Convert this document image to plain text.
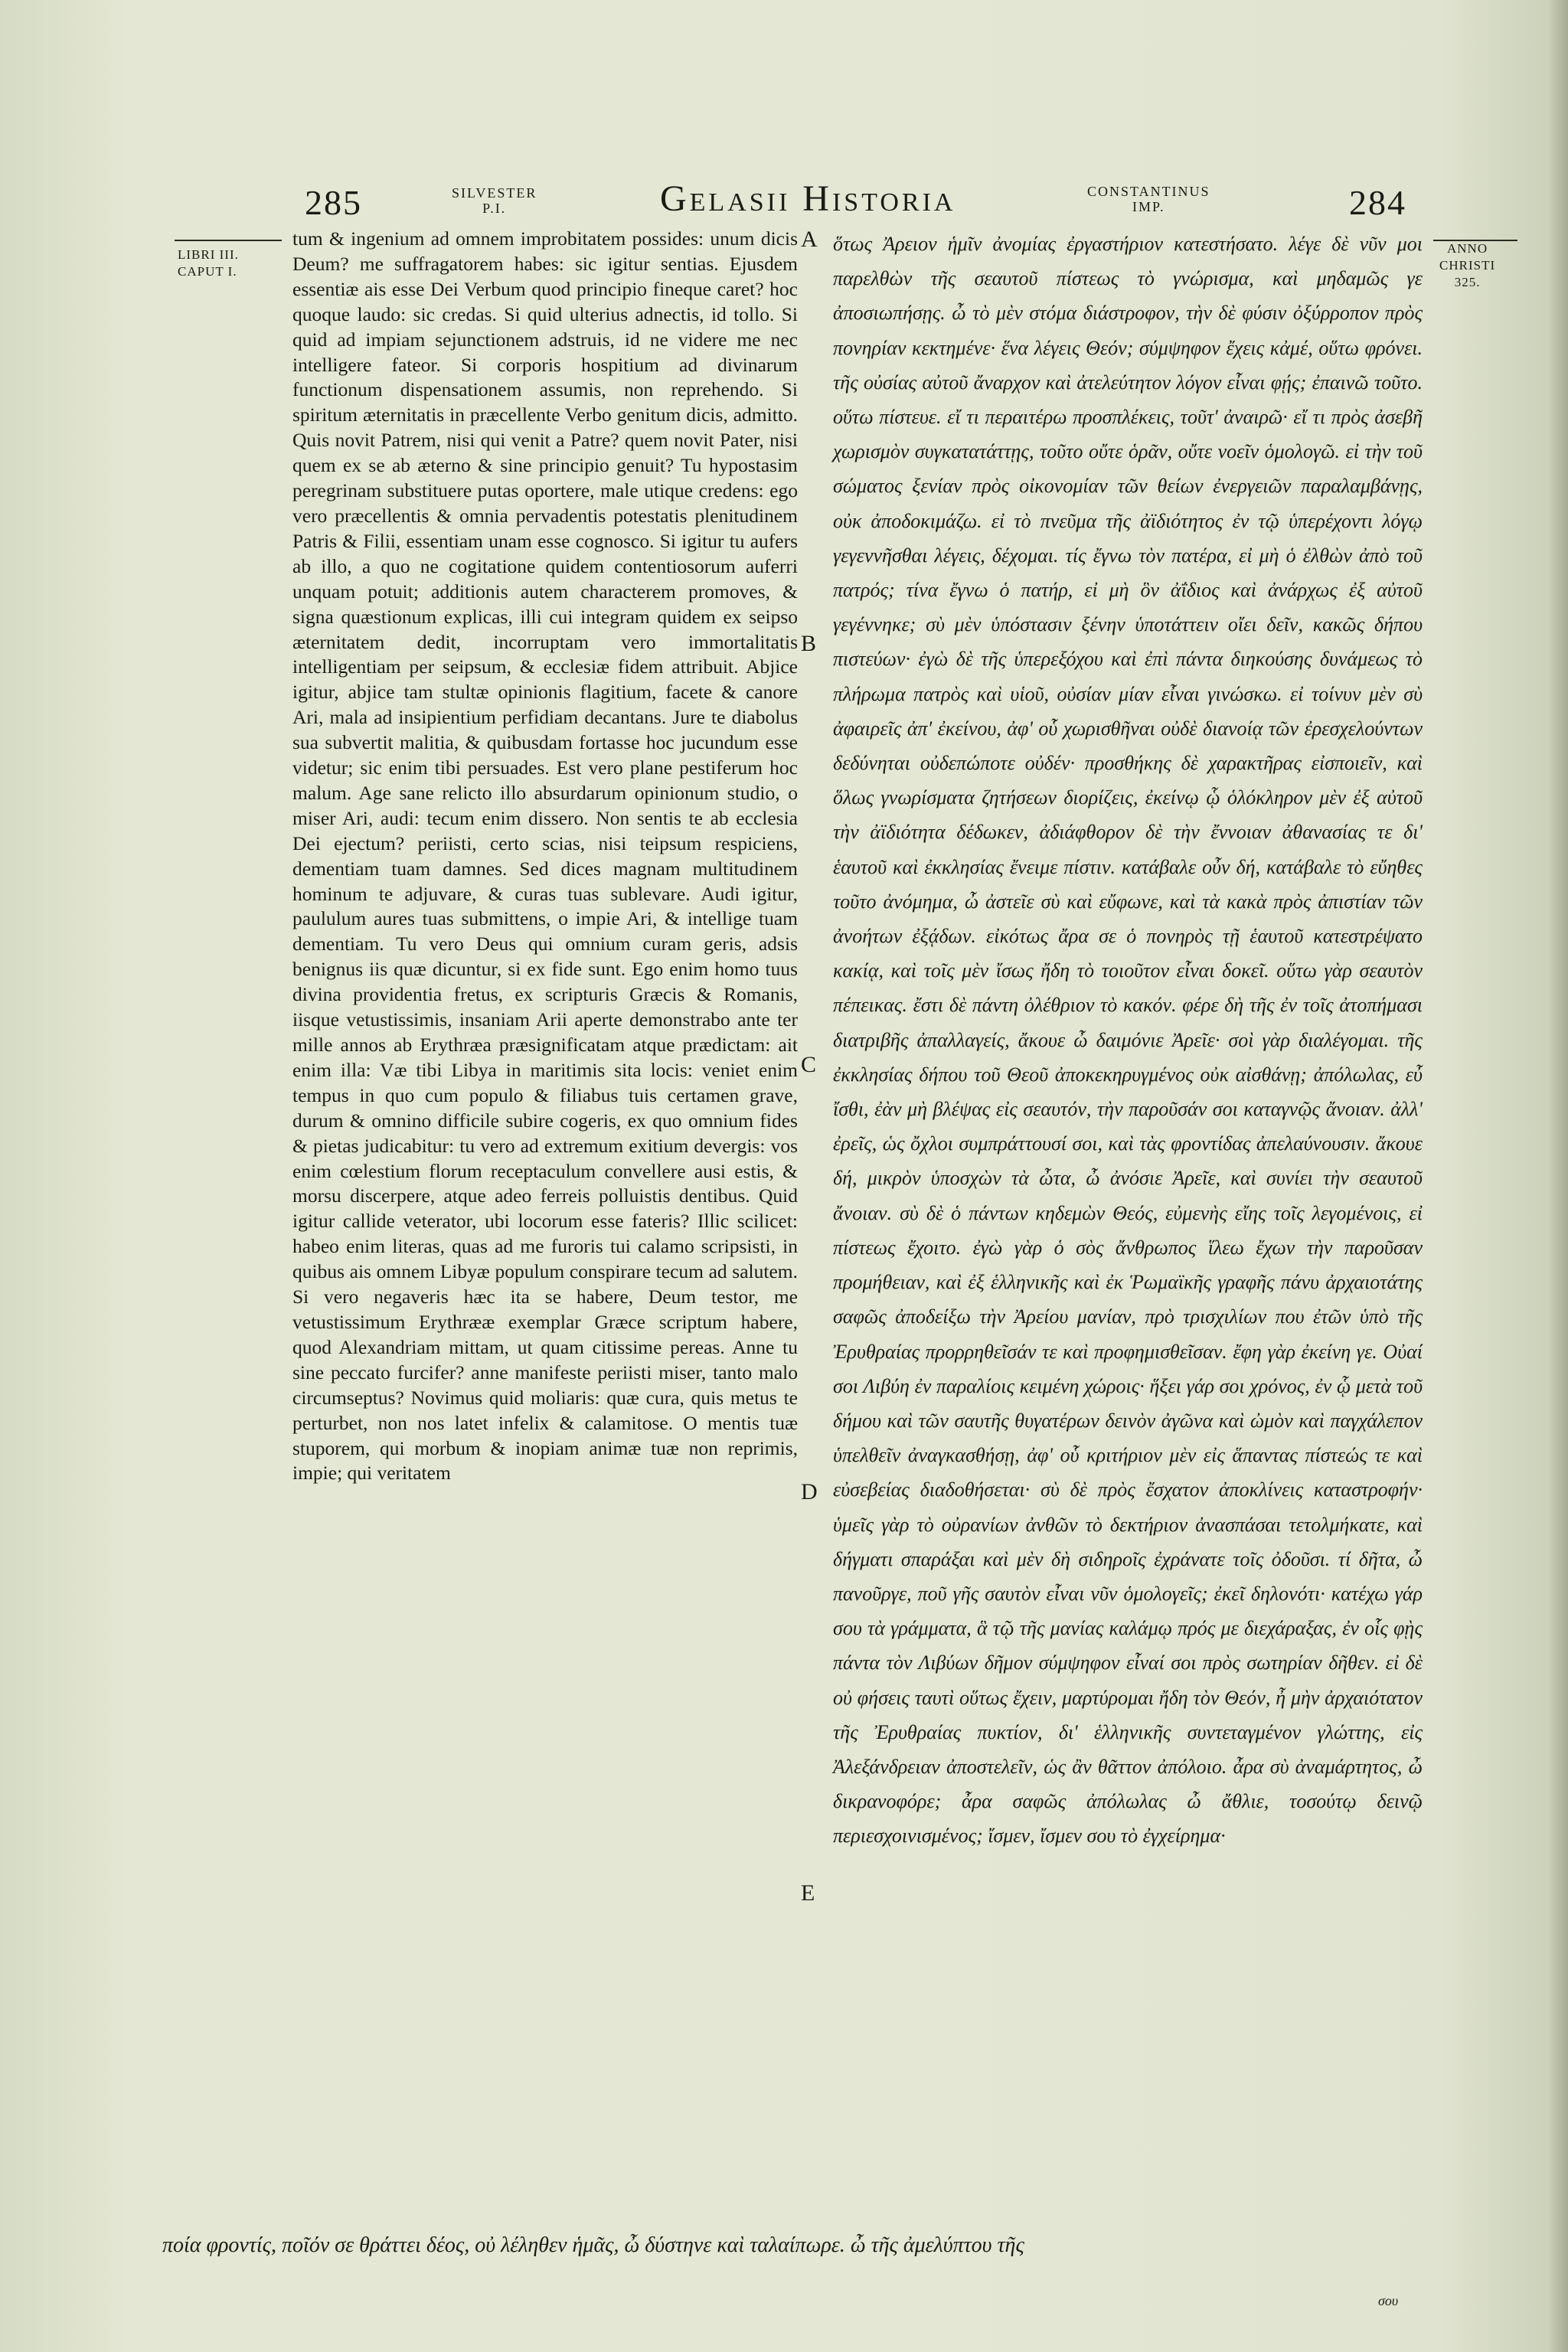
285	SILVESTER
P.I.	Gelasii Historia	CONSTANTINUS
IMP.	284
LIBRI III.
CAPUT I.
ANNO
CHRISTI
325.

tum & ingenium ad omnem improbitatem possides: unum dicis Deum? me suffragatorem habes: sic igitur sentias. Ejusdem essentiæ ais esse Dei Verbum quod principio fineque caret? hoc quoque laudo: sic credas. Si quid ulterius adnectis, id tollo. Si quid ad impiam sejunctionem adstruis, id ne videre me nec intelligere fateor. Si corporis hospitium ad divinarum functionum dispensationem assumis, non reprehendo. Si spiritum æternitatis in præcellente Verbo genitum dicis, admitto. Quis novit Patrem, nisi qui venit a Patre? quem novit Pater, nisi quem ex se ab æterno & sine principio genuit? Tu hypostasim peregrinam substituere putas oportere, male utique credens: ego vero præcellentis & omnia pervadentis potestatis plenitudinem Patris & Filii, essentiam unam esse cognosco. Si igitur tu aufers ab illo, a quo ne cogitatione quidem contentiosorum auferri unquam potuit; additionis autem characterem promoves, & signa quæstionum explicas, illi cui integram quidem ex seipso æternitatem dedit, incorruptam vero immortalitatis intelligentiam per seipsum, & ecclesiæ fidem attribuit. Abjice igitur, abjice tam stultæ opinionis flagitium, facete & canore Ari, mala ad insipientium perfidiam decantans. Jure te diabolus sua subvertit malitia, & quibusdam fortasse hoc jucundum esse videtur; sic enim tibi persuades. Est vero plane pestiferum hoc malum. Age sane relicto illo absurdarum opinionum studio, o miser Ari, audi: tecum enim dissero. Non sentis te ab ecclesia Dei ejectum? periisti, certo scias, nisi teipsum respiciens, dementiam tuam damnes. Sed dices magnam multitudinem hominum te adjuvare, & curas tuas sublevare. Audi igitur, paululum aures tuas submittens, o impie Ari, & intellige tuam dementiam. Tu vero Deus qui omnium curam geris, adsis benignus iis quæ dicuntur, si ex fide sunt. Ego enim homo tuus divina providentia fretus, ex scripturis Græcis & Romanis, iisque vetustissimis, insaniam Arii aperte demonstrabo ante ter mille annos ab Erythræa præsignificatam atque prædictam: ait enim illa: Væ tibi Libya in maritimis sita locis: veniet enim tempus in quo cum populo & filiabus tuis certamen grave, durum & omnino difficile subire cogeris, ex quo omnium fides & pietas judicabitur: tu vero ad extremum exitium devergis: vos enim cœlestium florum receptaculum convellere ausi estis, & morsu discerpere, atque adeo ferreis polluistis dentibus. Quid igitur callide veterator, ubi locorum esse fateris? Illic scilicet: habeo enim literas, quas ad me furoris tui calamo scripsisti, in quibus ais omnem Libyæ populum conspirare tecum ad salutem. Si vero negaveris hæc ita se habere, Deum testor, me vetustissimum Erythrææ exemplar Græce scriptum habere, quod Alexandriam mittam, ut quam citissime pereas. Anne tu sine peccato furcifer? anne manifeste periisti miser, tanto malo circumseptus? Novimus quid moliaris: quæ cura, quis metus te perturbet, non nos latet infelix & calamitose. O mentis tuæ stuporem, qui morbum & inopiam animæ tuæ non reprimis, impie; qui veritatem

A
B
C
D
E

ὅτως Ἀρειον ἡμῖν ἀνομίας ἐργαστήριον κατεστήσατο. λέγε δὲ νῦν μοι παρελθὼν τῆς σεαυτοῦ πίστεως τὸ γνώρισμα, καὶ μηδαμῶς γε ἀποσιωπήσῃς. ὦ τὸ μὲν στόμα διάστροφον, τὴν δὲ φύσιν ὀξύρροπον πρὸς πονηρίαν κεκτημένε· ἕνα λέγεις Θεόν; σύμψηφον ἔχεις κἀμέ, οὕτω φρόνει. τῆς οὐσίας αὐτοῦ ἄναρχον καὶ ἀτελεύτητον λόγον εἶναι φῄς; ἐπαινῶ τοῦτο. οὕτω πίστευε. εἴ τι περαιτέρω προσπλέκεις, τοῦτ' ἀναιρῶ· εἴ τι πρὸς ἀσεβῆ χωρισμὸν συγκατατάττῃς, τοῦτο οὔτε ὁρᾶν, οὔτε νοεῖν ὁμολογῶ. εἰ τὴν τοῦ σώματος ξενίαν πρὸς οἰκονομίαν τῶν θείων ἐνεργειῶν παραλαμβάνῃς, οὐκ ἀποδοκιμάζω. εἰ τὸ πνεῦμα τῆς ἀϊδιότητος ἐν τῷ ὑπερέχοντι λόγῳ γεγεννῆσθαι λέγεις, δέχομαι. τίς ἔγνω τὸν πατέρα, εἰ μὴ ὁ ἐλθὼν ἀπὸ τοῦ πατρός; τίνα ἔγνω ὁ πατήρ, εἰ μὴ ὃν ἀΐδιος καὶ ἀνάρχως ἐξ αὐτοῦ γεγέννηκε; σὺ μὲν ὑπόστασιν ξένην ὑποτάττειν οἴει δεῖν, κακῶς δήπου πιστεύων· ἐγὼ δὲ τῆς ὑπερεξόχου καὶ ἐπὶ πάντα διηκούσης δυνάμεως τὸ πλήρωμα πατρὸς καὶ υἱοῦ, οὐσίαν μίαν εἶναι γινώσκω. εἰ τοίνυν μὲν σὺ ἀφαιρεῖς ἀπ' ἐκείνου, ἀφ' οὗ χωρισθῆναι οὐδὲ διανοίᾳ τῶν ἐρεσχελούντων δεδύνηται οὐδεπώποτε οὐδέν· προσθήκης δὲ χαρακτῆρας εἰσποιεῖν, καὶ ὅλως γνωρίσματα ζητήσεων διορίζεις, ἐκείνῳ ᾧ ὁλόκληρον μὲν ἐξ αὐτοῦ τὴν ἀϊδιότητα δέδωκεν, ἀδιάφθορον δὲ τὴν ἔννοιαν ἀθανασίας τε δι' ἑαυτοῦ καὶ ἐκκλησίας ἔνειμε πίστιν. κατάβαλε οὖν δή, κατάβαλε τὸ εὔηθες τοῦτο ἀνόμημα, ὦ ἀστεῖε σὺ καὶ εὔφωνε, καὶ τὰ κακὰ πρὸς ἀπιστίαν τῶν ἀνοήτων ἐξᾴδων. εἰκότως ἄρα σε ὁ πονηρὸς τῇ ἑαυτοῦ κατεστρέψατο κακίᾳ, καὶ τοῖς μὲν ἴσως ἤδη τὸ τοιοῦτον εἶναι δοκεῖ. οὕτω γὰρ σεαυτὸν πέπεικας. ἔστι δὲ πάντη ὀλέθριον τὸ κακόν. φέρε δὴ τῆς ἐν τοῖς ἀτοπήμασι διατριβῆς ἀπαλλαγείς, ἄκουε ὦ δαιμόνιε Ἀρεῖε· σοὶ γὰρ διαλέγομαι. τῆς ἐκκλησίας δήπου τοῦ Θεοῦ ἀποκεκηρυγμένος οὐκ αἰσθάνῃ; ἀπόλωλας, εὖ ἴσθι, ἐὰν μὴ βλέψας εἰς σεαυτόν, τὴν παροῦσάν σοι καταγνῷς ἄνοιαν. ἀλλ' ἐρεῖς, ὡς ὄχλοι συμπράττουσί σοι, καὶ τὰς φροντίδας ἀπελαύνουσιν. ἄκουε δή, μικρὸν ὑποσχὼν τὰ ὦτα, ὦ ἀνόσιε Ἀρεῖε, καὶ συνίει τὴν σεαυτοῦ ἄνοιαν. σὺ δὲ ὁ πάντων κηδεμὼν Θεός, εὐμενὴς εἴης τοῖς λεγομένοις, εἰ πίστεως ἔχοιτο. ἐγὼ γὰρ ὁ σὸς ἄνθρωπος ἵλεω ἔχων τὴν παροῦσαν προμήθειαν, καὶ ἐξ ἑλληνικῆς καὶ ἐκ Ῥωμαϊκῆς γραφῆς πάνυ ἀρχαιοτάτης σαφῶς ἀποδείξω τὴν Ἀρείου μανίαν, πρὸ τρισχιλίων που ἐτῶν ὑπὸ τῆς Ἐρυθραίας προρρηθεῖσάν τε καὶ προφημισθεῖσαν. ἔφη γὰρ ἐκείνη γε. Οὐαί σοι Λιβύη ἐν παραλίοις κειμένη χώροις· ἥξει γάρ σοι χρόνος, ἐν ᾧ μετὰ τοῦ δήμου καὶ τῶν σαυτῆς θυγατέρων δεινὸν ἀγῶνα καὶ ὠμὸν καὶ παγχάλεπον ὑπελθεῖν ἀναγκασθήσῃ, ἀφ' οὗ κριτήριον μὲν εἰς ἅπαντας πίστεώς τε καὶ εὐσεβείας διαδοθήσεται· σὺ δὲ πρὸς ἔσχατον ἀποκλίνεις καταστροφήν· ὑμεῖς γὰρ τὸ οὐρανίων ἀνθῶν τὸ δεκτήριον ἀνασπάσαι τετολμήκατε, καὶ δήγματι σπαράξαι καὶ μὲν δὴ σιδηροῖς ἐχράνατε τοῖς ὀδοῦσι. τί δῆτα, ὦ πανοῦργε, ποῦ γῆς σαυτὸν εἶναι νῦν ὁμολογεῖς; ἐκεῖ δηλονότι· κατέχω γάρ σου τὰ γράμματα, ἃ τῷ τῆς μανίας καλάμῳ πρός με διεχάραξας, ἐν οἷς φῂς πάντα τὸν Λιβύων δῆμον σύμψηφον εἶναί σοι πρὸς σωτηρίαν δῆθεν. εἰ δὲ οὐ φήσεις ταυτὶ οὕτως ἔχειν, μαρτύρομαι ἤδη τὸν Θεόν, ἦ μὴν ἀρχαιότατον τῆς Ἐρυθραίας πυκτίον, δι' ἑλληνικῆς συντεταγμένον γλώττης, εἰς Ἀλεξάνδρειαν ἀποστελεῖν, ὡς ἂν θᾶττον ἀπόλοιο. ἆρα σὺ ἀναμάρτητος, ὦ δικρανοφόρε; ἆρα σαφῶς ἀπόλωλας ὦ ἄθλιε, τοσούτῳ δεινῷ περιεσχοινισμένος; ἴσμεν, ἴσμεν σου τὸ ἐγχείρημα·

ποία φροντίς, ποῖόν σε θράττει δέος, οὐ λέληθεν ἡμᾶς, ὦ δύστηνε καὶ ταλαίπωρε. ὦ τῆς ἀμελύπτου τῆς
σου
